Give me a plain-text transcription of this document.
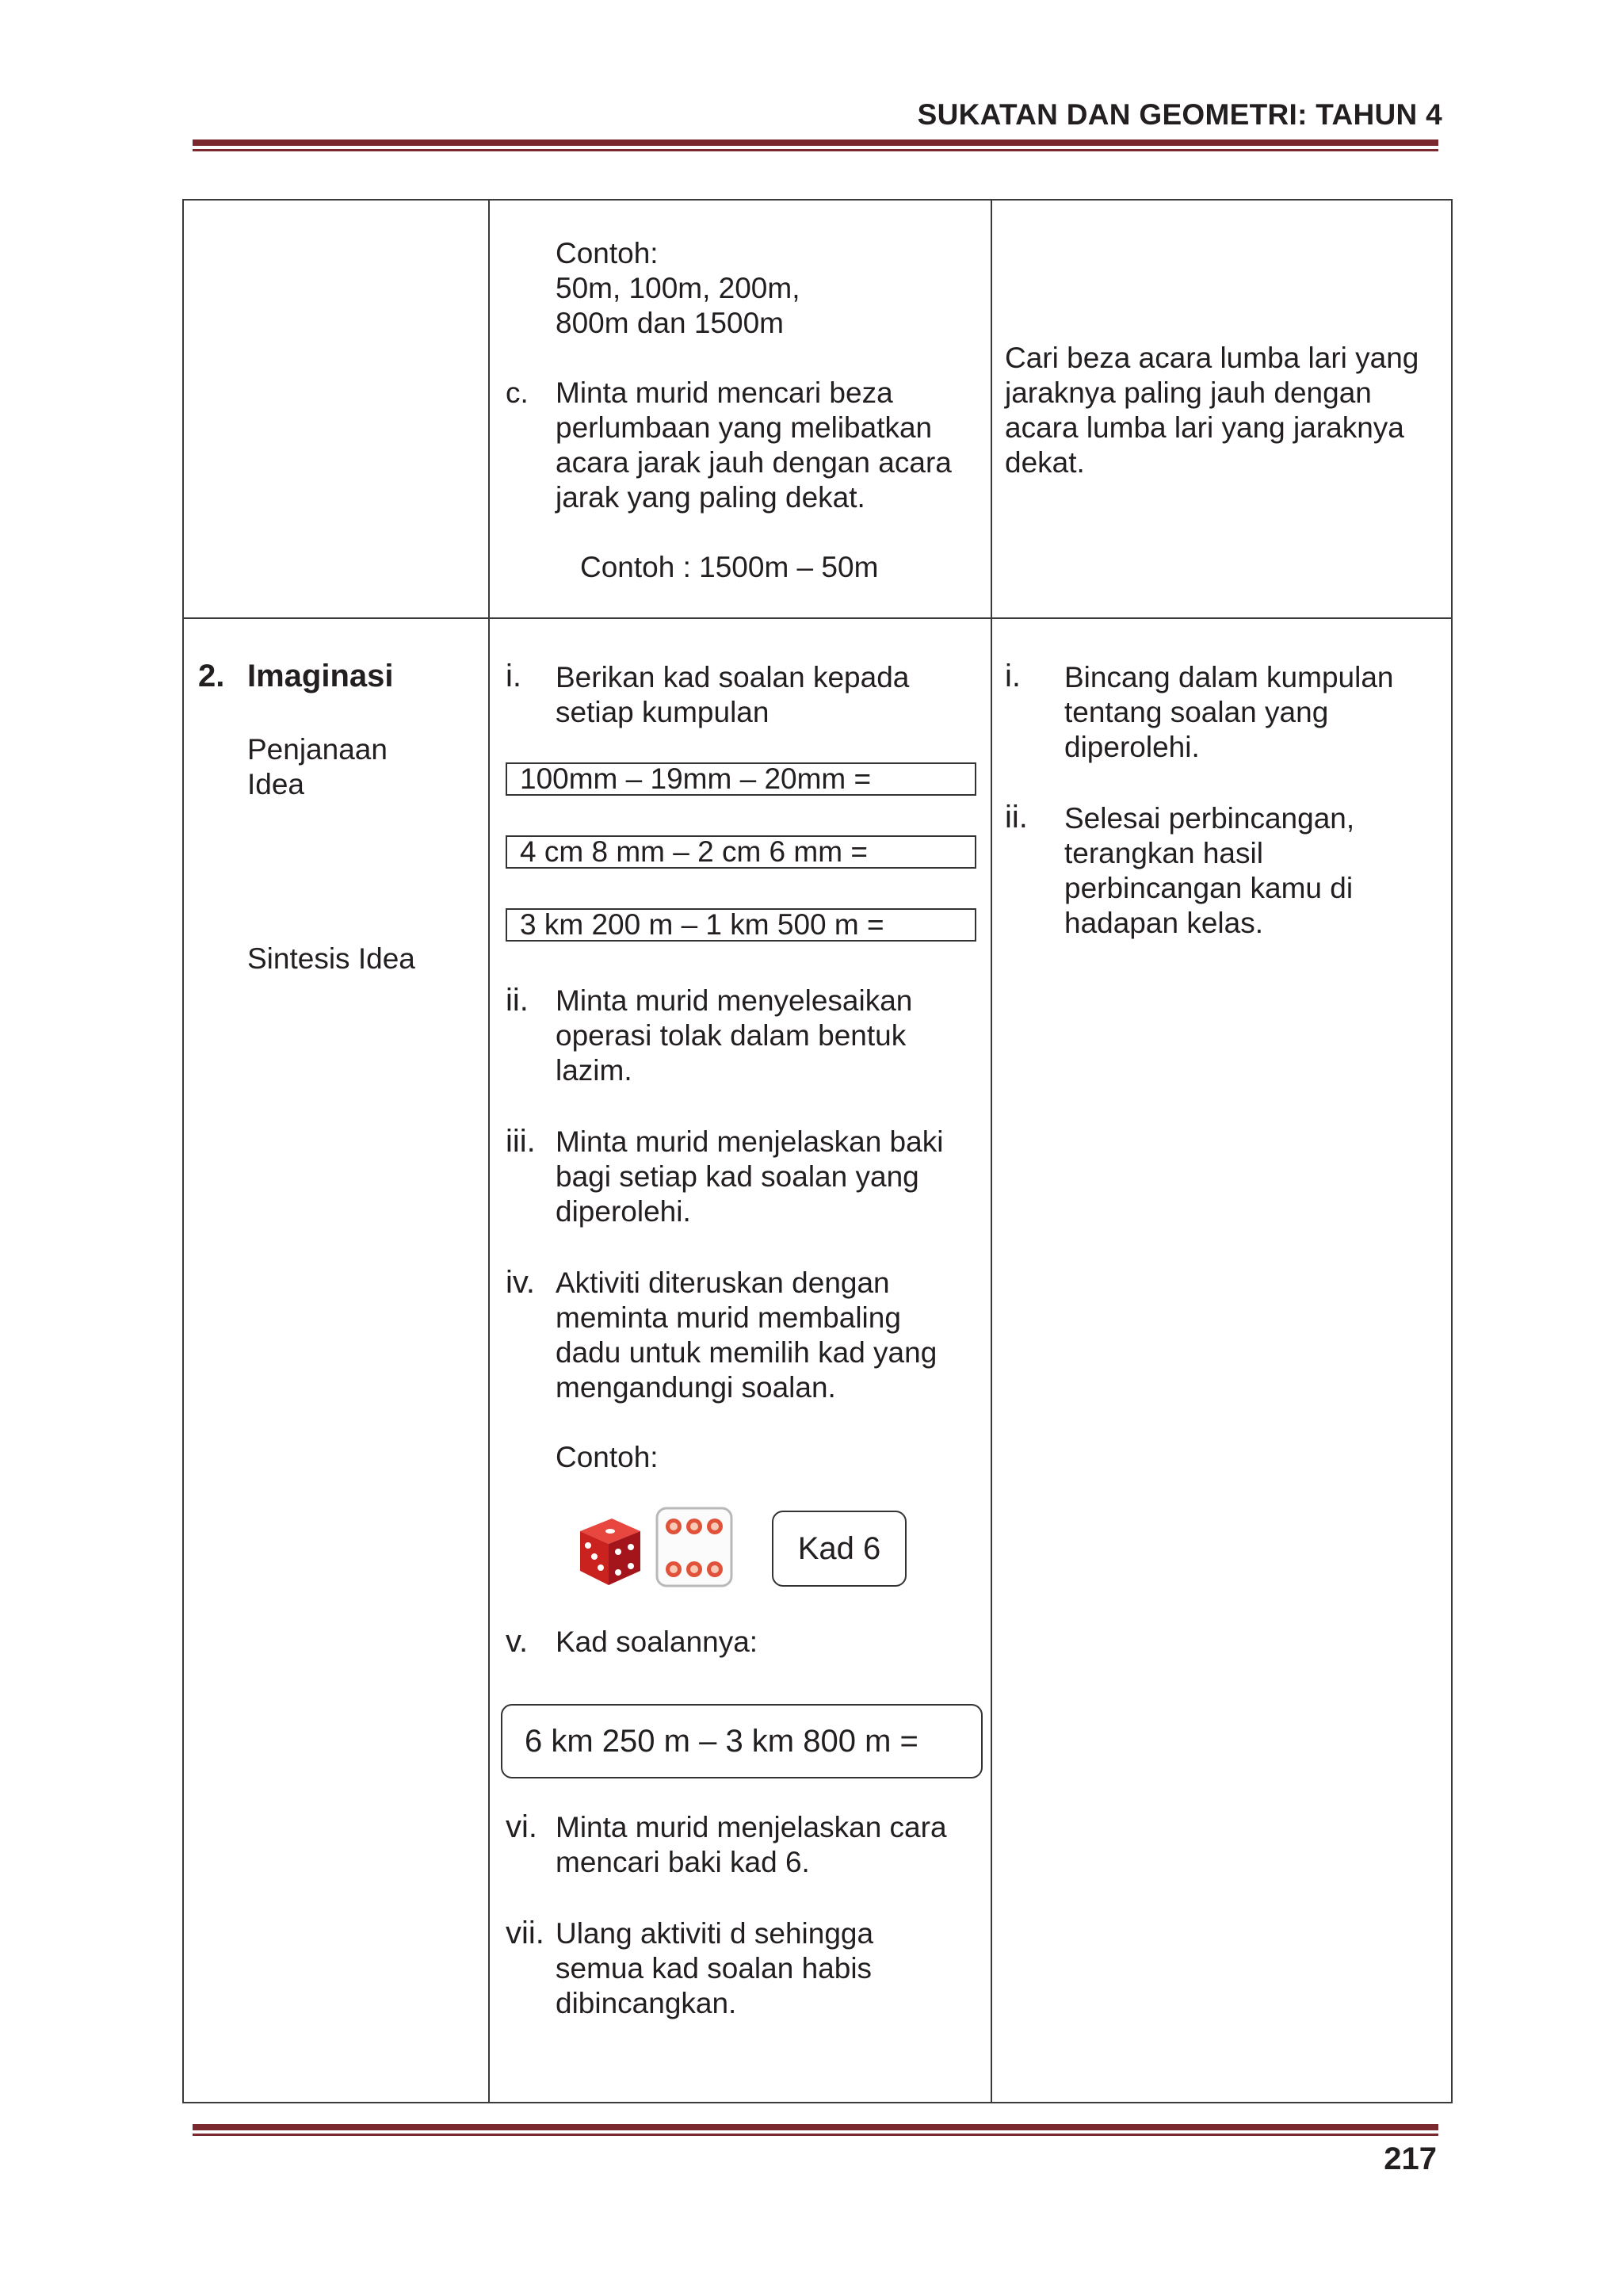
SUKATAN DAN GEOMETRI: TAHUN 4
Contoh:
50m, 100m, 200m,
800m dan 1500m
c. Minta murid mencari beza
perlumbaan yang melibatkan
acara jarak jauh dengan acara
jarak yang paling dekat.
Contoh : 1500m – 50m
Cari beza acara lumba lari yang
jaraknya paling jauh dengan
acara lumba lari yang jaraknya
dekat.
2. Imaginasi
Penjanaan
Idea
Sintesis Idea
i. Berikan kad soalan kepada
setiap kumpulan
100mm – 19mm – 20mm =
4 cm 8 mm – 2 cm 6 mm =
3 km 200 m – 1 km 500 m =
ii. Minta murid menyelesaikan
operasi tolak dalam bentuk
lazim.
iii. Minta murid menjelaskan baki
bagi setiap kad soalan yang
diperolehi.
iv. Aktiviti diteruskan dengan
meminta murid membaling
dadu untuk memilih kad yang
mengandungi soalan.
Contoh:
Kad 6
v. Kad soalannya:
6 km 250 m – 3 km 800 m =
vi. Minta murid menjelaskan cara
mencari baki kad 6.
vii. Ulang aktiviti d sehingga
semua kad soalan habis
dibincangkan.
i. Bincang dalam kumpulan
tentang soalan yang
diperolehi.
ii. Selesai perbincangan,
terangkan hasil
perbincangan kamu di
hadapan kelas.
217
